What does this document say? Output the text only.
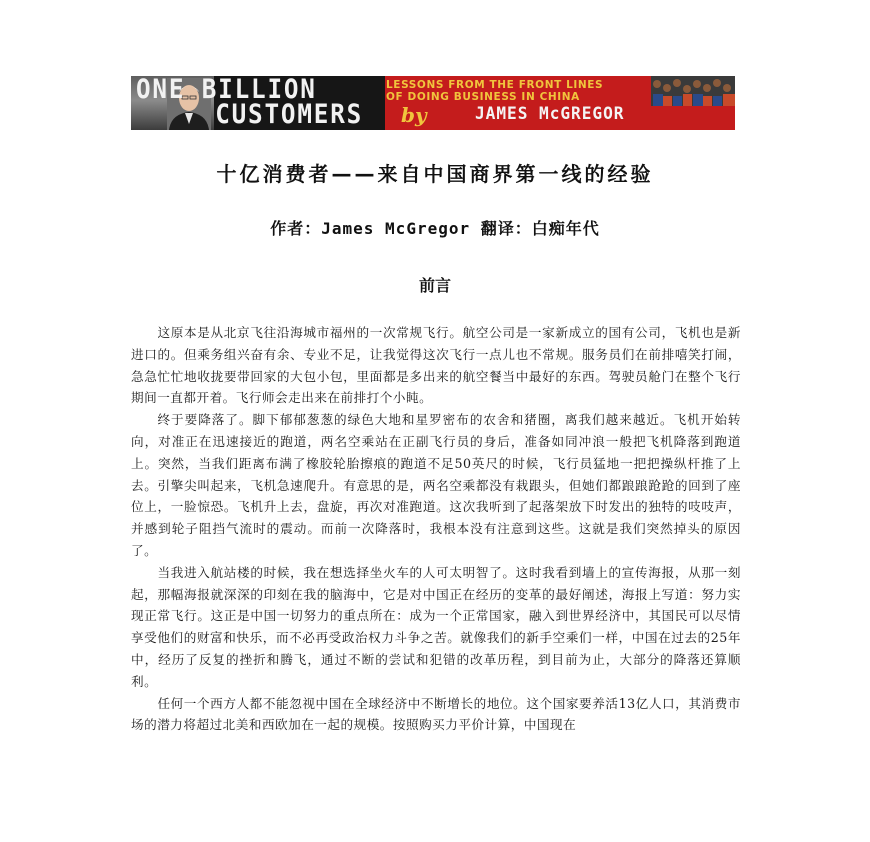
ONE BILLION
CUSTOMERS
LESSONS FROM THE FRONT LINES
OF DOING BUSINESS IN CHINA
by	JAMES McGREGOR
十亿消费者——来自中国商界第一线的经验
作者：James McGregor 翻译：白痴年代
前言

这原本是从北京飞往沿海城市福州的一次常规飞行。航空公司是一家新成立的国有公司，飞机也是新进口的。但乘务组兴奋有余、专业不足，让我觉得这次飞行一点儿也不常规。服务员们在前排嘻笑打闹，急急忙忙地收拢要带回家的大包小包，里面都是多出来的航空餐当中最好的东西。驾驶员舱门在整个飞行期间一直都开着。飞行师会走出来在前排打个小盹。

终于要降落了。脚下郁郁葱葱的绿色大地和星罗密布的农舍和猪圈，离我们越来越近。飞机开始转向，对准正在迅速接近的跑道，两名空乘站在正副飞行员的身后，准备如同冲浪一般把飞机降落到跑道上。突然，当我们距离布满了橡胶轮胎擦痕的跑道不足50英尺的时候，飞行员猛地一把把操纵杆推了上去。引擎尖叫起来，飞机急速爬升。有意思的是，两名空乘都没有栽跟头，但她们都踉踉跄跄的回到了座位上，一脸惊恐。飞机升上去，盘旋，再次对准跑道。这次我听到了起落架放下时发出的独特的吱吱声，并感到轮子阻挡气流时的震动。而前一次降落时，我根本没有注意到这些。这就是我们突然掉头的原因了。

当我进入航站楼的时候，我在想选择坐火车的人可太明智了。这时我看到墙上的宣传海报，从那一刻起，那幅海报就深深的印刻在我的脑海中，它是对中国正在经历的变革的最好阐述，海报上写道：努力实现正常飞行。这正是中国一切努力的重点所在：成为一个正常国家，融入到世界经济中，其国民可以尽情享受他们的财富和快乐，而不必再受政治权力斗争之苦。就像我们的新手空乘们一样，中国在过去的25年中，经历了反复的挫折和腾飞，通过不断的尝试和犯错的改革历程，到目前为止，大部分的降落还算顺利。

任何一个西方人都不能忽视中国在全球经济中不断增长的地位。这个国家要养活13亿人口，其消费市场的潜力将超过北美和西欧加在一起的规模。按照购买力平价计算，中国现在
